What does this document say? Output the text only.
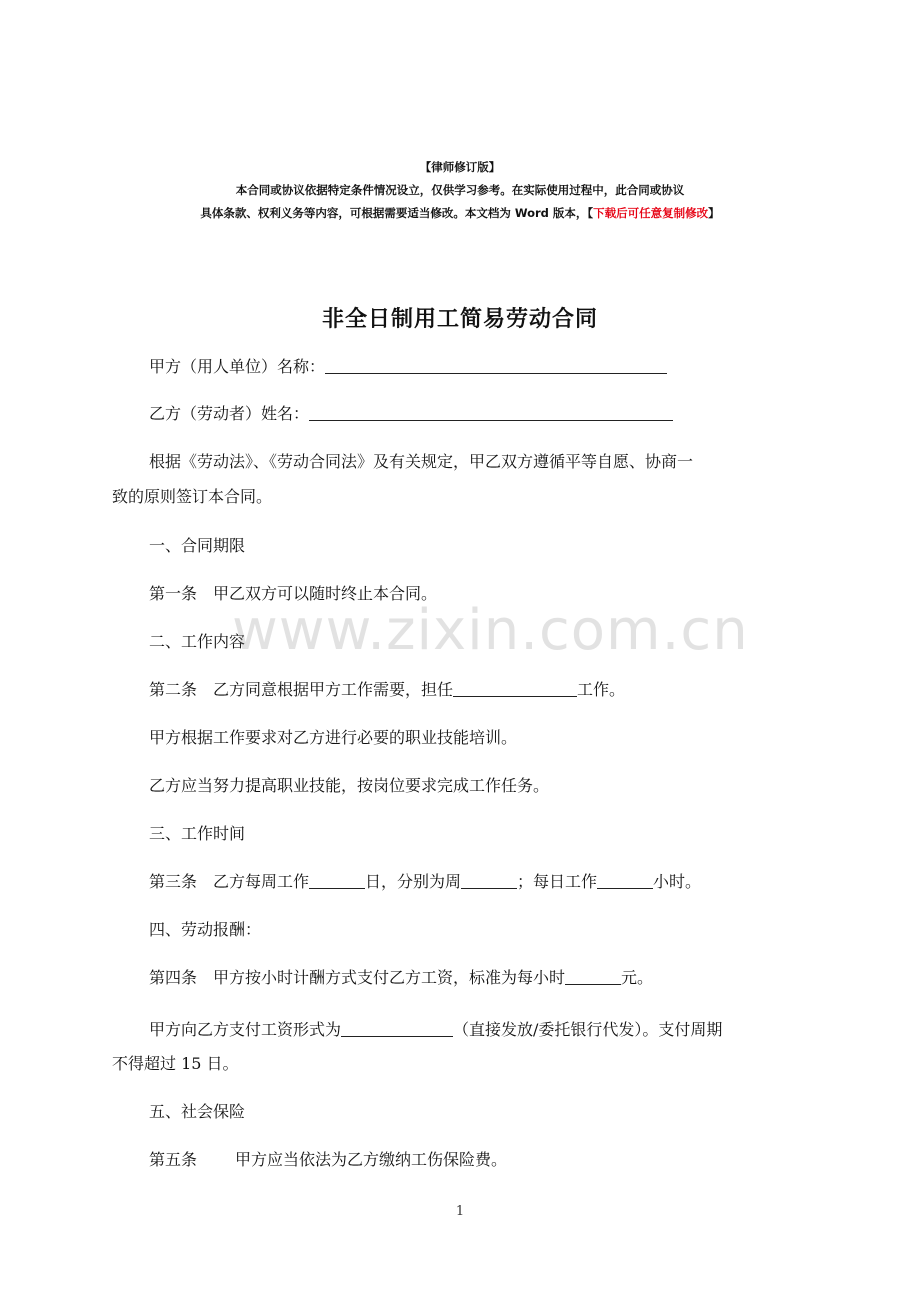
【律师修订版】
本合同或协议依据特定条件情况设立，仅供学习参考。在实际使用过程中，此合同或协议
具体条款、权利义务等内容，可根据需要适当修改。本文档为 Word 版本，【下载后可任意复制修改】
非全日制用工简易劳动合同
甲方（用人单位）名称：
乙方（劳动者）姓名：
根据《劳动法》、《劳动合同法》及有关规定，甲乙双方遵循平等自愿、协商一
致的原则签订本合同。
一、合同期限
第一条　甲乙双方可以随时终止本合同。
二、工作内容
第二条　乙方同意根据甲方工作需要，担任	工作。
甲方根据工作要求对乙方进行必要的职业技能培训。
乙方应当努力提高职业技能，按岗位要求完成工作任务。
三、工作时间
第三条　乙方每周工作	日，分别为周	；每日工作	小时。
四、劳动报酬：
第四条　甲方按小时计酬方式支付乙方工资，标准为每小时	元。
甲方向乙方支付工资形式为	（直接发放/委托银行代发）。支付周期
不得超过 15 日。
五、社会保险
第五条 甲方应当依法为乙方缴纳工伤保险费。
www.zixin.com.cn
1
